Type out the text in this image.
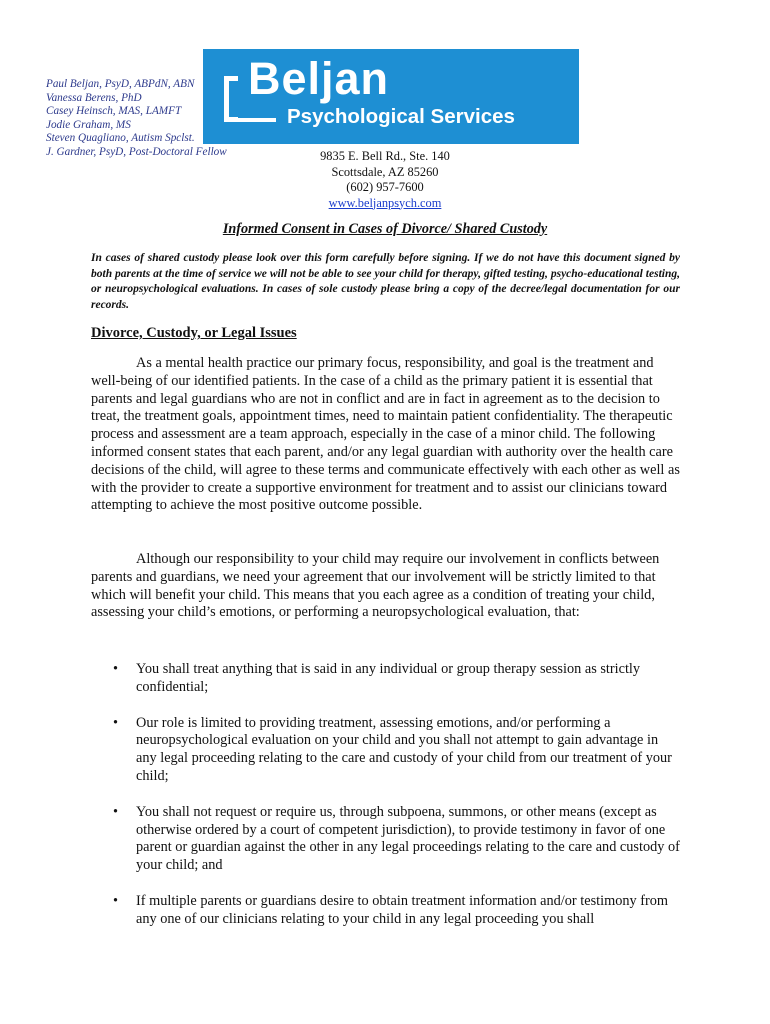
Paul Beljan, PsyD, ABPdN, ABN
Vanessa Berens, PhD
Casey Heinsch, MAS, LAMFT
Jodie Graham, MS
Steven Quagliano, Autism Spclst.
J. Gardner, PsyD, Post-Doctoral Fellow
Beljan
Psychological Services
9835 E. Bell Rd., Ste. 140
Scottsdale, AZ 85260
(602) 957-7600
www.beljanpsych.com
Informed Consent in Cases of Divorce/ Shared Custody
In cases of shared custody please look over this form carefully before signing. If we do not have this document signed by both parents at the time of service we will not be able to see your child for therapy, gifted testing, psycho-educational testing, or neuropsychological evaluations. In cases of sole custody please bring a copy of the decree/legal documentation for our records.
Divorce, Custody, or Legal Issues

As a mental health practice our primary focus, responsibility, and goal is the treatment and well-being of our identified patients. In the case of a child as the primary patient it is essential that parents and legal guardians who are not in conflict and are in fact in agreement as to the decision to treat, the treatment goals, appointment times, need to maintain patient confidentiality. The therapeutic process and assessment are a team approach, especially in the case of a minor child. The following informed consent states that each parent, and/or any legal guardian with authority over the health care decisions of the child, will agree to these terms and communicate effectively with each other as well as with the provider to create a supportive environment for treatment and to assist our clinicians toward attempting to achieve the most positive outcome possible.

Although our responsibility to your child may require our involvement in conflicts between parents and guardians, we need your agreement that our involvement will be strictly limited to that which will benefit your child. This means that you each agree as a condition of treating your child, assessing your child’s emotions, or performing a neuropsychological evaluation, that:

• You shall treat anything that is said in any individual or group therapy session as strictly confidential;
• Our role is limited to providing treatment, assessing emotions, and/or performing a neuropsychological evaluation on your child and you shall not attempt to gain advantage in any legal proceeding relating to the care and custody of your child from our treatment of your child;
• You shall not request or require us, through subpoena, summons, or other means (except as otherwise ordered by a court of competent jurisdiction), to provide testimony in favor of one parent or guardian against the other in any legal proceedings relating to the care and custody of your child; and
• If multiple parents or guardians desire to obtain treatment information and/or testimony from any one of our clinicians relating to your child in any legal proceeding you shall
